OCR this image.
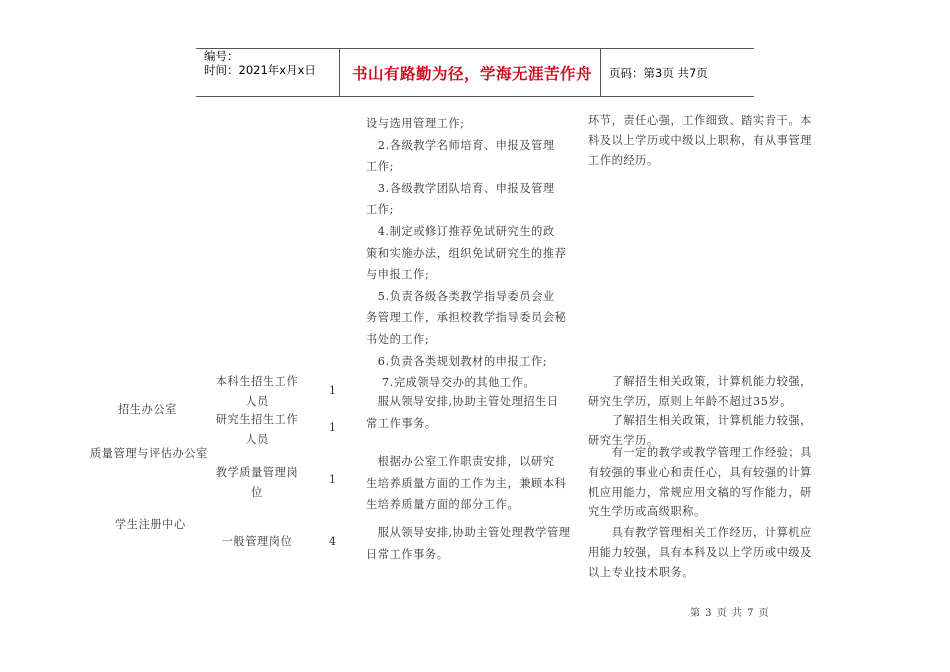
编号：
时间：2021年x月x日 书山有路勤为径，学海无涯苦作舟 页码：第3页 共7页
设与选用管理工作;
　2.各级教学名师培育、申报及管理
工作;
　3.各级教学团队培育、申报及管理
工作;
　4.制定或修订推荐免试研究生的政
策和实施办法，组织免试研究生的推荐
与申报工作;
　5.负责各级各类教学指导委员会业
务管理工作，承担校教学指导委员会秘
书处的工作;
　6.负责各类规划教材的申报工作;
　 7.完成领导交办的其他工作。
环节，责任心强，工作细致、踏实肯干。本
科及以上学历或中级以上职称，有从事管理
工作的经历。
招生办公室
质量管理与评估办公室
学生注册中心
本科生招生工作人员
1
研究生招生工作人员
1
教学质量管理岗位
1
一般管理岗位	4
　服从领导安排,协助主管处理招生日
常工作事务。
　根据办公室工作职责安排，以研究
生培养质量方面的工作为主，兼顾本科
生培养质量方面的部分工作。
　服从领导安排,协助主管处理教学管理
日常工作事务。
　　了解招生相关政策，计算机能力较强，
研究生学历，原则上年龄不超过35岁。
　　了解招生相关政策，计算机能力较强，
研究生学历。
　　有一定的教学或教学管理工作经验；具
有较强的事业心和责任心，具有较强的计算
机应用能力，常规应用文稿的写作能力，研
究生学历或高级职称。
　　具有教学管理相关工作经历，计算机应
用能力较强，具有本科及以上学历或中级及
以上专业技术职务。
第 3 页 共 7 页
